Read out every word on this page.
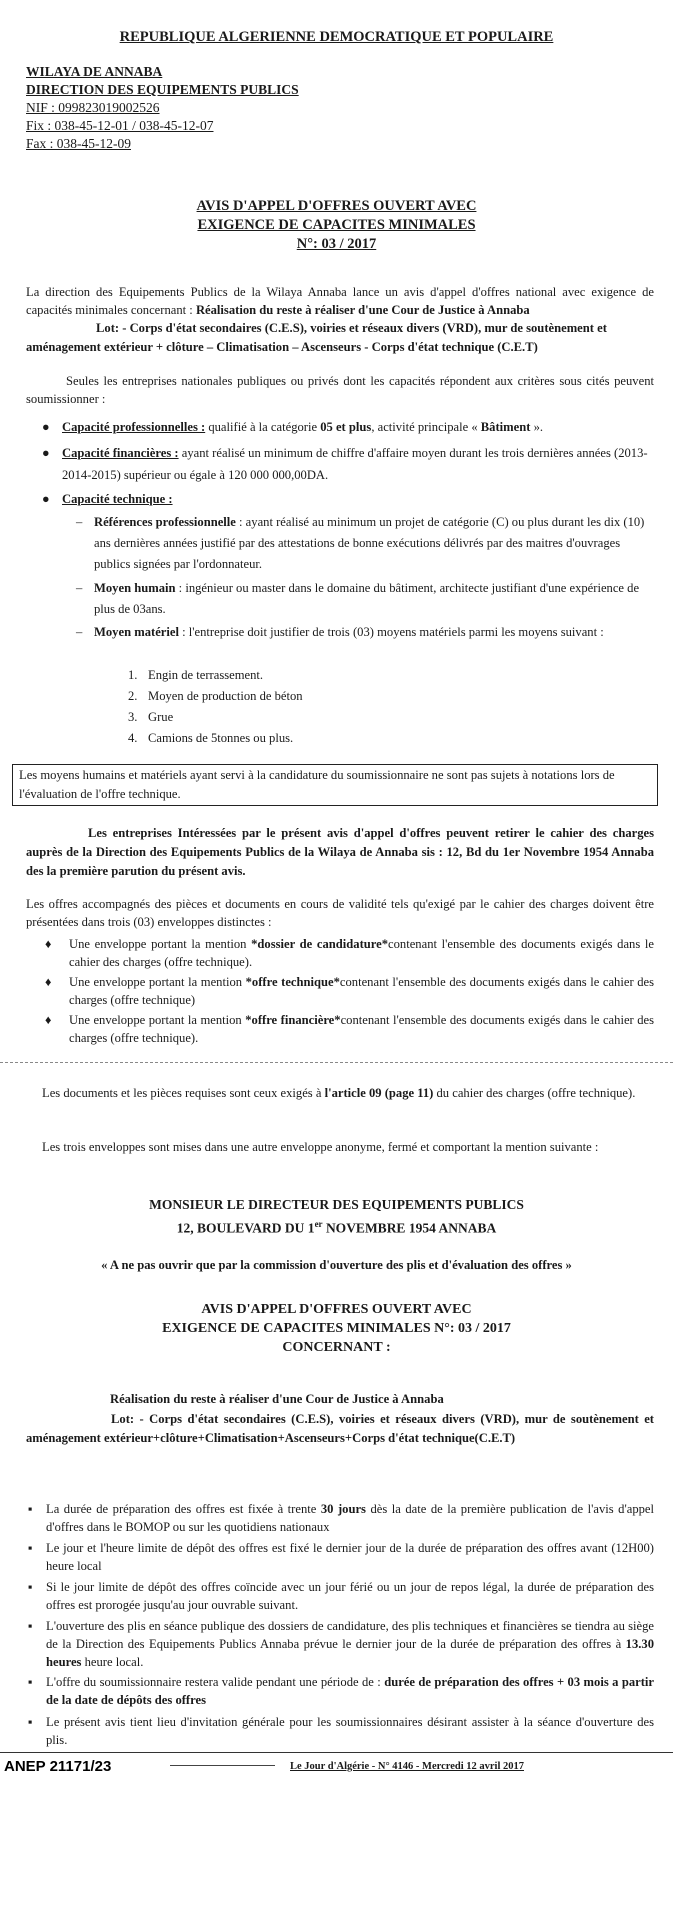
REPUBLIQUE ALGERIENNE DEMOCRATIQUE ET POPULAIRE
WILAYA DE ANNABA
DIRECTION DES EQUIPEMENTS PUBLICS
NIF : 099823019002526
Fix : 038-45-12-01 / 038-45-12-07
Fax : 038-45-12-09
AVIS D'APPEL D'OFFRES OUVERT AVEC
EXIGENCE DE CAPACITES MINIMALES
N°: 03 / 2017
La direction des Equipements Publics de la Wilaya Annaba lance un avis d'appel d'offres national avec exigence de capacités minimales concernant : Réalisation du reste à réaliser d'une Cour de Justice à Annaba
Lot: - Corps d'état secondaires (C.E.S), voiries et réseaux divers (VRD), mur de soutènement et aménagement extérieur + clôture – Climatisation – Ascenseurs - Corps d'état technique (C.E.T)
Seules les entreprises nationales publiques ou privés dont les capacités répondent aux critères sous cités peuvent soumissionner :
● Capacité professionnelles : qualifié à la catégorie 05 et plus, activité principale « Bâtiment ».
● Capacité financières : ayant réalisé un minimum de chiffre d'affaire moyen durant les trois dernières années (2013-2014-2015) supérieur ou égale à 120 000 000,00DA.
● Capacité technique :
– Références professionnelle : ayant réalisé au minimum un projet de catégorie (C) ou plus durant les dix (10) ans dernières années justifié par des attestations de bonne exécutions délivrés par des maitres d'ouvrages publics signées par l'ordonnateur.
– Moyen humain : ingénieur ou master dans le domaine du bâtiment, architecte justifiant d'une expérience de plus de 03ans.
– Moyen matériel : l'entreprise doit justifier de trois (03) moyens matériels parmi les moyens suivant :
1. Engin de terrassement.
2. Moyen de production de béton
3. Grue
4. Camions de 5tonnes ou plus.
Les moyens humains et matériels ayant servi à la candidature du soumissionnaire ne sont pas sujets à notations lors de l'évaluation de l'offre technique.
Les entreprises Intéressées par le présent avis d'appel d'offres peuvent retirer le cahier des charges auprès de la Direction des Equipements Publics de la Wilaya de Annaba sis : 12, Bd du 1er Novembre 1954 Annaba des la première parution du présent avis.
Les offres accompagnés des pièces et documents en cours de validité tels qu'exigé par le cahier des charges doivent être présentées dans trois (03) enveloppes distinctes :
♦ Une enveloppe portant la mention *dossier de candidature*contenant l'ensemble des documents exigés dans le cahier des charges (offre technique).
♦ Une enveloppe portant la mention *offre technique*contenant l'ensemble des documents exigés dans le cahier des charges (offre technique)
♦ Une enveloppe portant la mention *offre financière*contenant l'ensemble des documents exigés dans le cahier des charges (offre technique).
Les documents et les pièces requises sont ceux exigés à l'article 09 (page 11) du cahier des charges (offre technique).
Les trois enveloppes sont mises dans une autre enveloppe anonyme, fermé et comportant la mention suivante :
MONSIEUR LE DIRECTEUR DES EQUIPEMENTS PUBLICS
12, BOULEVARD DU 1er NOVEMBRE 1954 ANNABA
« A ne pas ouvrir que par la commission d'ouverture des plis et d'évaluation des offres »
AVIS D'APPEL D'OFFRES OUVERT AVEC
EXIGENCE DE CAPACITES MINIMALES N°: 03 / 2017
CONCERNANT :
Réalisation du reste à réaliser d'une Cour de Justice à Annaba
Lot: - Corps d'état secondaires (C.E.S), voiries et réseaux divers (VRD), mur de soutènement et aménagement extérieur+clôture+Climatisation+Ascenseurs+Corps d'état technique(C.E.T)
▪ La durée de préparation des offres est fixée à trente 30 jours dès la date de la première publication de l'avis d'appel d'offres dans le BOMOP ou sur les quotidiens nationaux
▪ Le jour et l'heure limite de dépôt des offres est fixé le dernier jour de la durée de préparation des offres avant (12H00) heure local
▪ Si le jour limite de dépôt des offres coïncide avec un jour férié ou un jour de repos légal, la durée de préparation des offres est prorogée jusqu'au jour ouvrable suivant.
▪ L'ouverture des plis en séance publique des dossiers de candidature, des plis techniques et financières se tiendra au siège de la Direction des Equipements Publics Annaba prévue le dernier jour de la durée de préparation des offres à 13.30 heures heure local.
▪ L'offre du soumissionnaire restera valide pendant une période de : durée de préparation des offres + 03 mois a partir de la date de dépôts des offres
▪ Le présent avis tient lieu d'invitation générale pour les soumissionnaires désirant assister à la séance d'ouverture des plis.
ANEP 21171/23	Le Jour d'Algérie - N° 4146 - Mercredi 12 avril 2017
